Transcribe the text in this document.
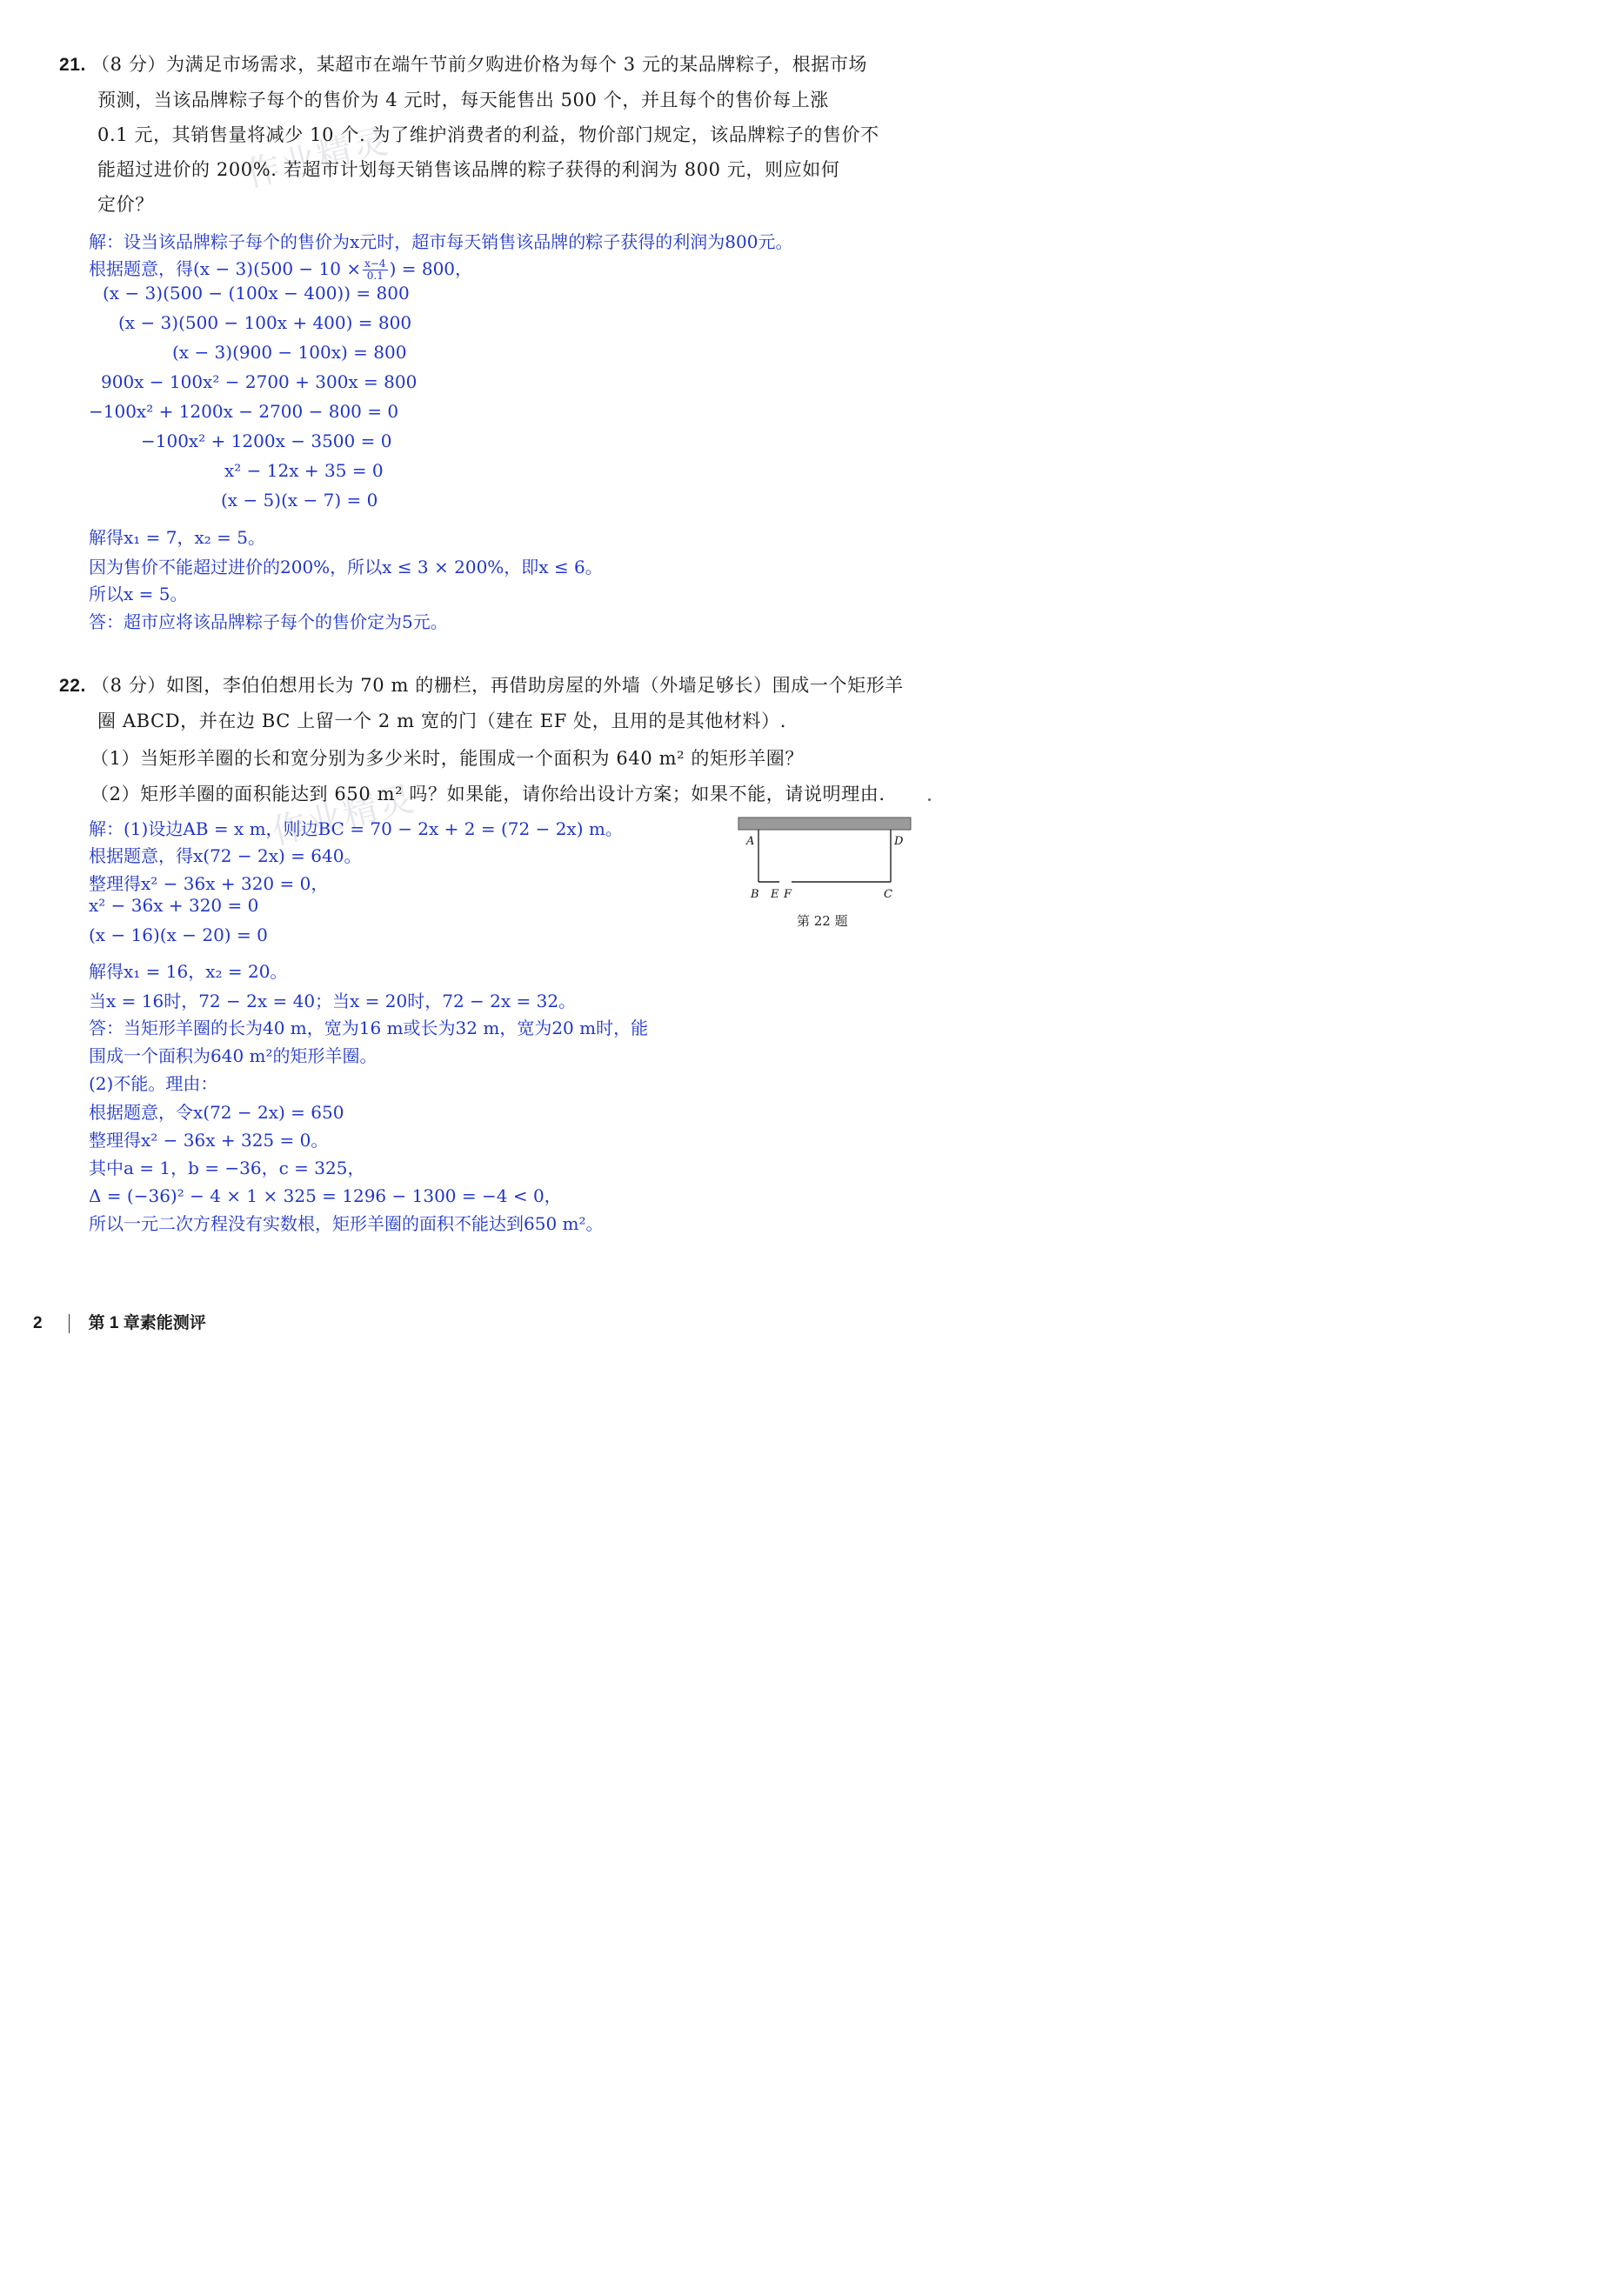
作业精灵
作业精灵
21. （8 分）为满足市场需求，某超市在端午节前夕购进价格为每个 3 元的某品牌粽子，根据市场
预测，当该品牌粽子每个的售价为 4 元时，每天能售出 500 个，并且每个的售价每上涨
0.1 元，其销售量将减少 10 个. 为了维护消费者的利益，物价部门规定，该品牌粽子的售价不
能超过进价的 200%. 若超市计划每天销售该品牌的粽子获得的利润为 800 元，则应如何
定价？
解：设当该品牌粽子每个的售价为x元时，超市每天销售该品牌的粽子获得的利润为800元。
根据题意，得$(x - 3)(500 - 10 \times \frac{x-4}{0.1}$ ) = 800，
(x − 3)(500 − (100x − 400)) = 800
(x − 3)(500 − 100x + 400) = 800
(x − 3)(900 − 100x) = 800
900x − 100x² − 2700 + 300x = 800
−100x² + 1200x − 2700 − 800 = 0
−100x² + 1200x − 3500 = 0
x² − 12x + 35 = 0
(x − 5)(x − 7) = 0
解得x₁ = 7，x₂ = 5。
因为售价不能超过进价的200%，所以x ≤ 3 × 200%，即x ≤ 6。
所以x = 5。
答：超市应将该品牌粽子每个的售价定为5元。
22. （8 分）如图，李伯伯想用长为 70 m 的栅栏，再借助房屋的外墙（外墙足够长）围成一个矩形羊
圈 ABCD，并在边 BC 上留一个 2 m 宽的门（建在 EF 处，且用的是其他材料）.
（1）当矩形羊圈的长和宽分别为多少米时，能围成一个面积为 640 m² 的矩形羊圈？
（2）矩形羊圈的面积能达到 650 m² 吗？如果能，请你给出设计方案；如果不能，请说明理由.
解：(1)设边AB = x m，则边BC = 70 − 2x + 2 = (72 − 2x) m。
根据题意，得x(72 − 2x) = 640。
整理得x² − 36x + 320 = 0，
x² − 36x + 320 = 0
(x − 16)(x − 20) = 0
解得x₁ = 16，x₂ = 20。
当x = 16时，72 − 2x = 40；当x = 20时，72 − 2x = 32。
答：当矩形羊圈的长为40 m，宽为16 m或长为32 m，宽为20 m时，能
围成一个面积为640 m²的矩形羊圈。
(2)不能。理由：
根据题意，令x(72 − 2x) = 650
整理得x² − 36x + 325 = 0。
其中a = 1，b = −36，c = 325，
Δ = (−36)² − 4 × 1 × 325 = 1296 − 1300 = −4 < 0，
所以一元二次方程没有实数根，矩形羊圈的面积不能达到650 m²。
A	D
B E F	C
第 22 题
2	第 1 章素能测评
